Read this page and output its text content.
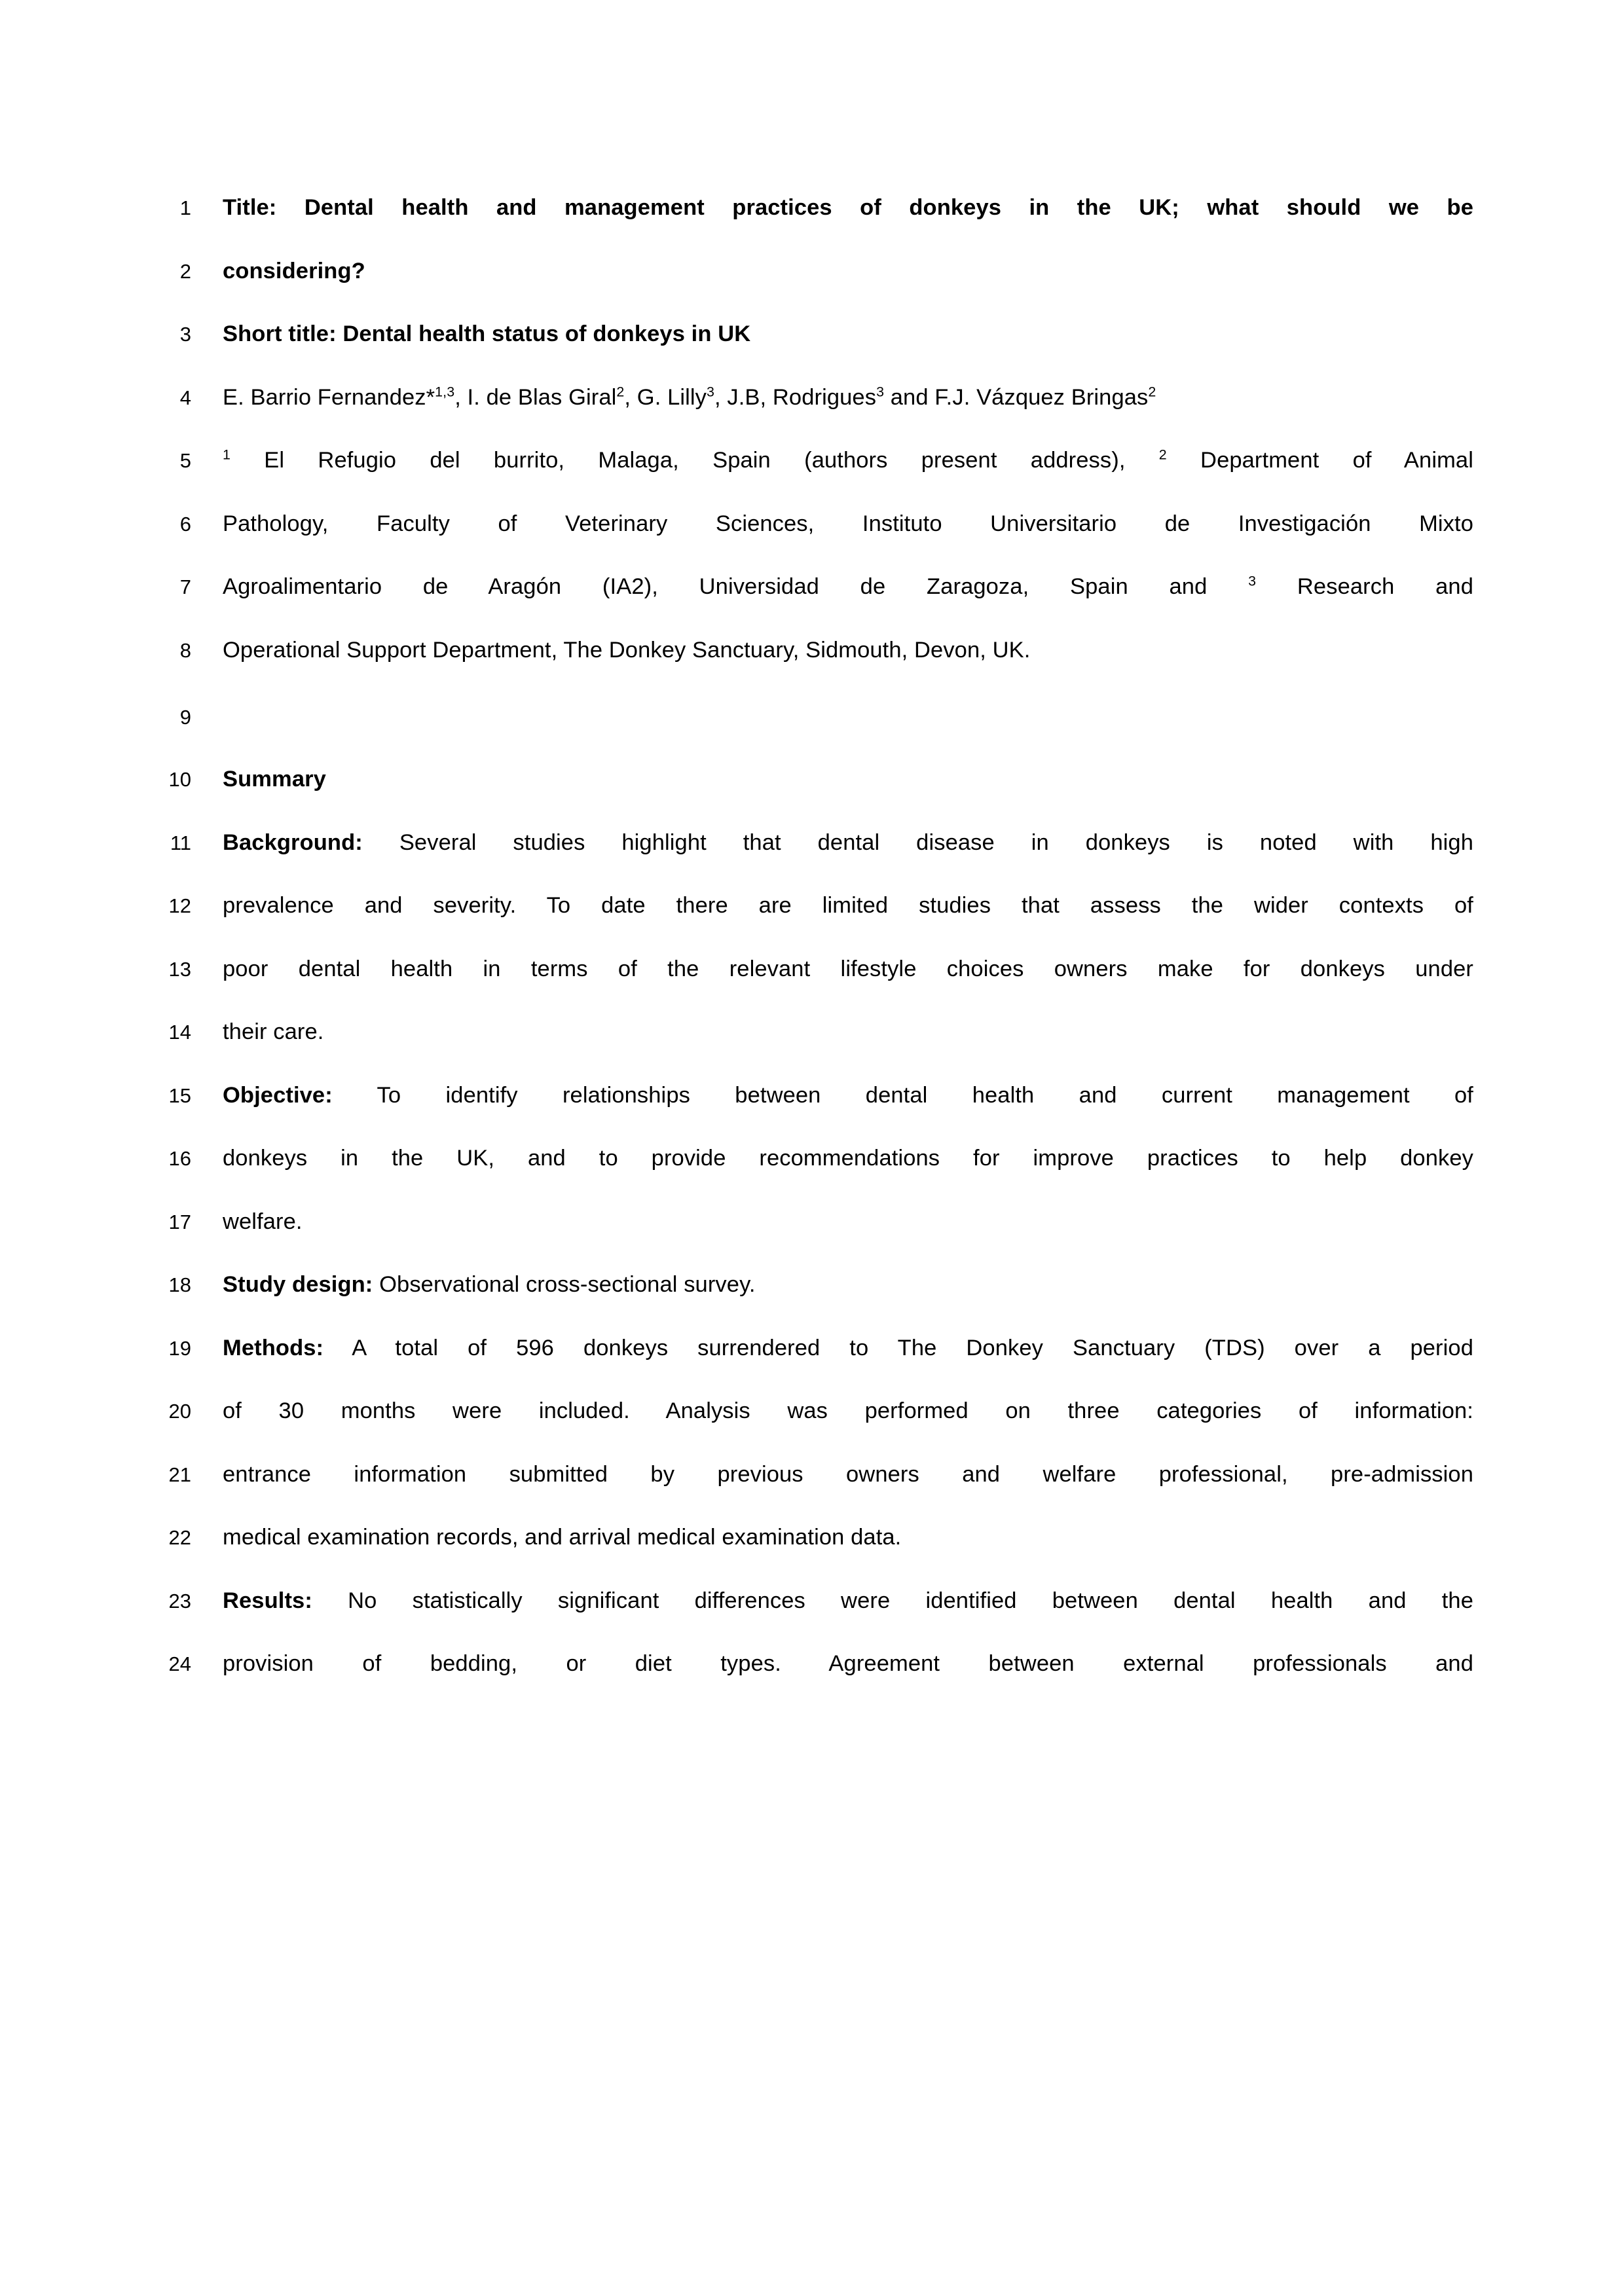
1	Title: Dental health and management practices of donkeys in the UK; what should we be
2	considering?
3	Short title: Dental health status of donkeys in UK
4	E. Barrio Fernandez*$^{1,3}$, I. de Blas Giral$^2$, G. Lilly$^3$, J.B, Rodrigues$^3$ and F.J. Vázquez Bringas$^2$
5	$^1$ El Refugio del burrito, Malaga, Spain (authors present address), $^2$ Department of Animal
6	Pathology, Faculty of Veterinary Sciences, Instituto Universitario de Investigación Mixto
7	Agroalimentario de Aragón (IA2), Universidad de Zaragoza, Spain and $^3$ Research and
8	Operational Support Department, The Donkey Sanctuary, Sidmouth, Devon, UK.
9
10	Summary
11	Background: Several studies highlight that dental disease in donkeys is noted with high
12	prevalence and severity. To date there are limited studies that assess the wider contexts of
13	poor dental health in terms of the relevant lifestyle choices owners make for donkeys under
14	their care.
15	Objective: To identify relationships between dental health and current management of
16	donkeys in the UK, and to provide recommendations for improve practices to help donkey
17	welfare.
18	Study design: Observational cross-sectional survey.
19	Methods: A total of 596 donkeys surrendered to The Donkey Sanctuary (TDS) over a period
20	of 30 months were included. Analysis was performed on three categories of information:
21	entrance information submitted by previous owners and welfare professional, pre-admission
22	medical examination records, and arrival medical examination data.
23	Results: No statistically significant differences were identified between dental health and the
24	provision of bedding, or diet types. Agreement between external professionals and
